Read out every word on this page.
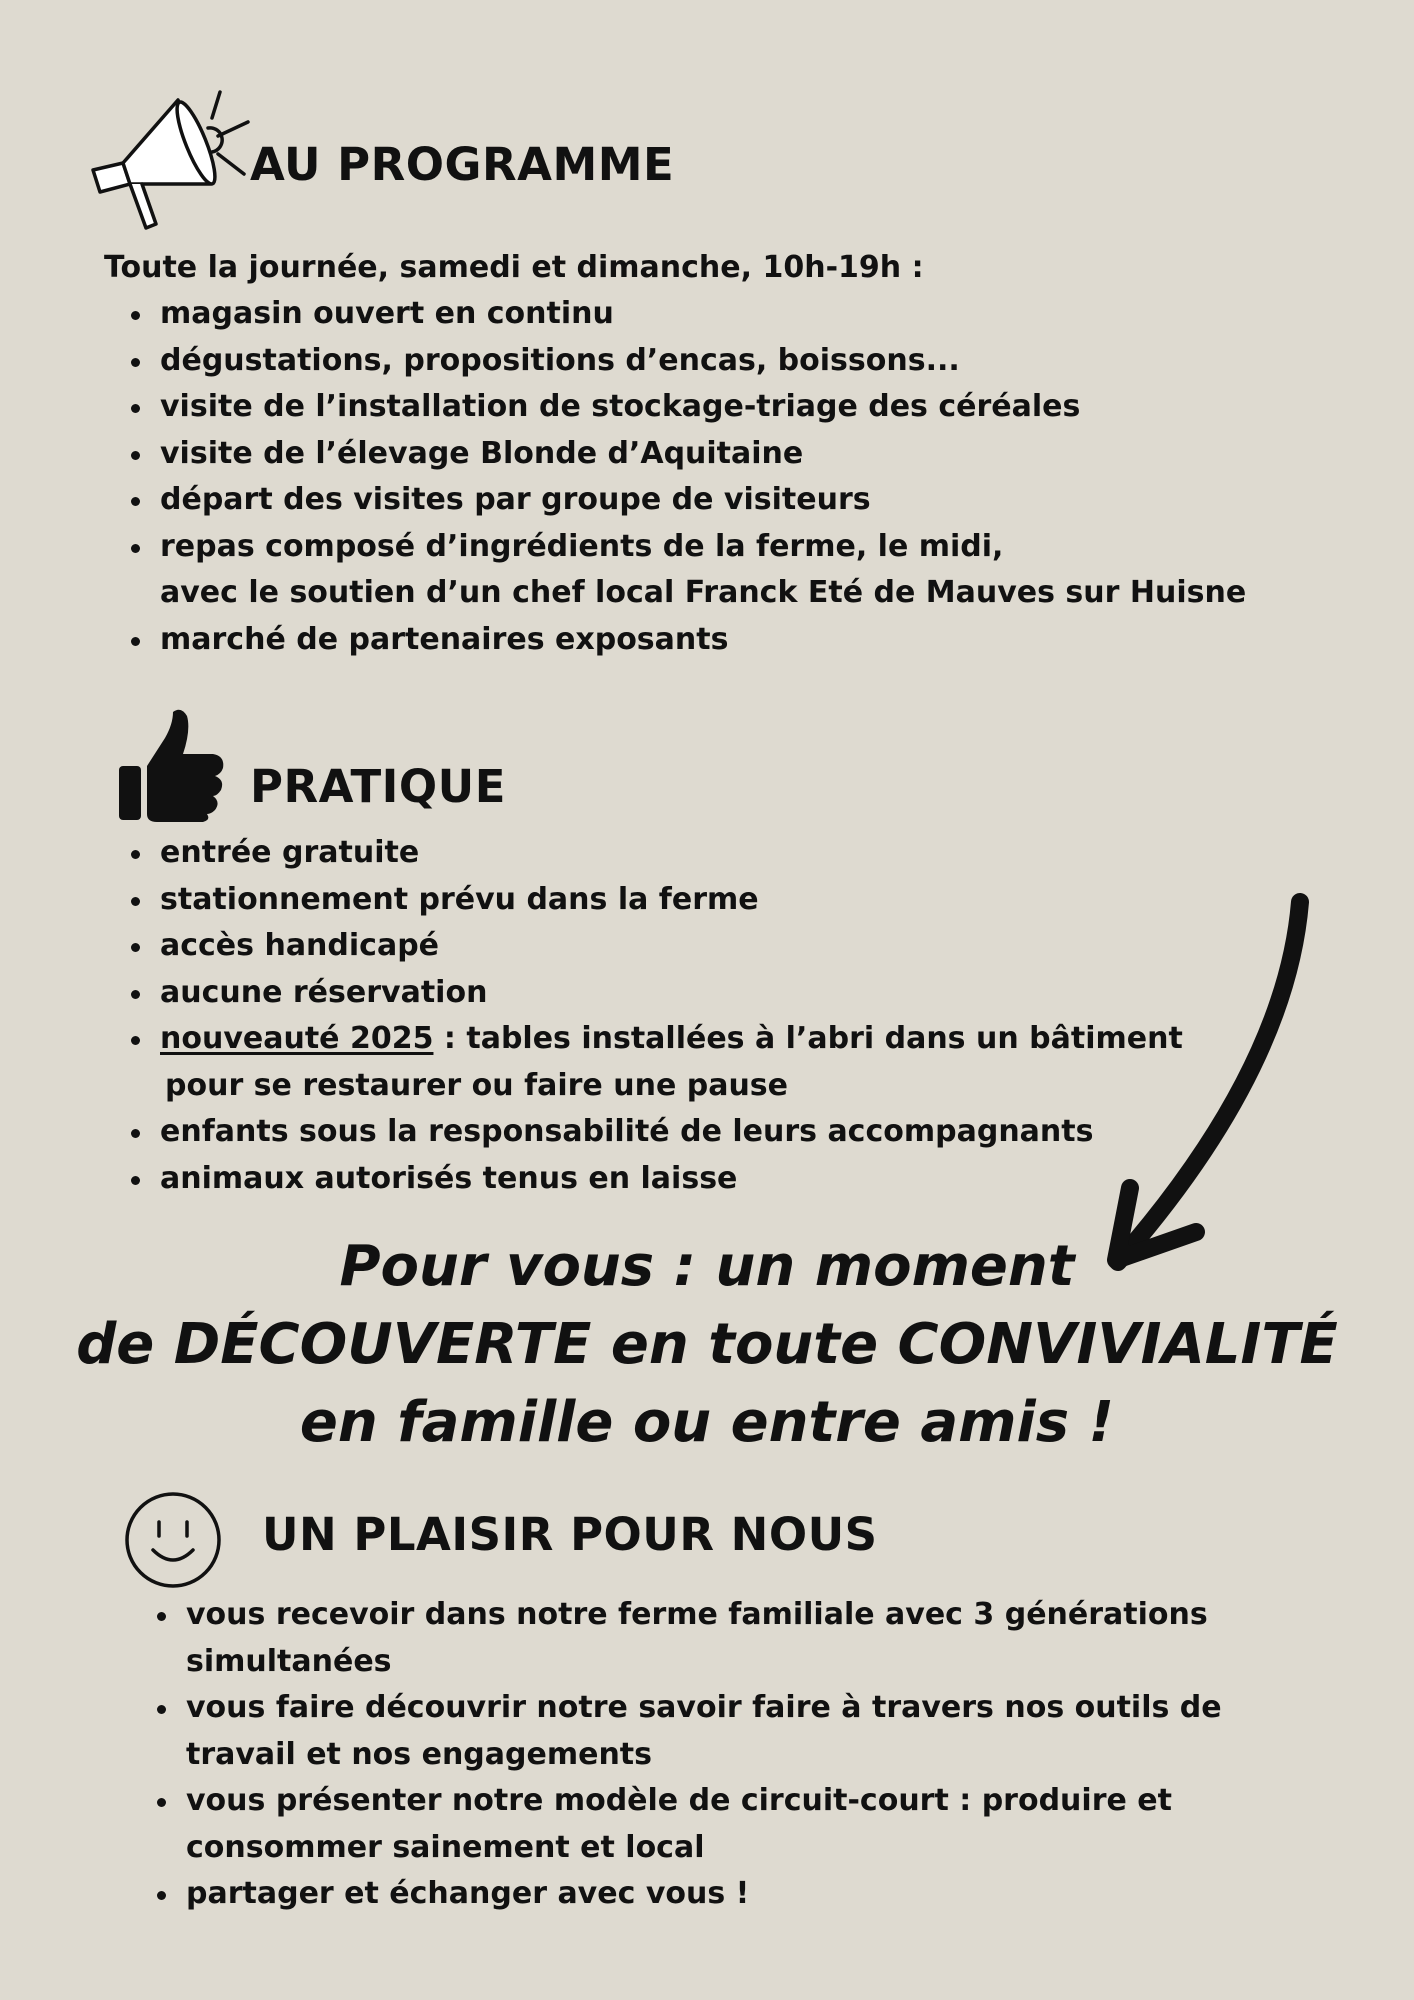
AU PROGRAMME
Toute la journée, samedi et dimanche, 10h-19h :
magasin ouvert en continu
dégustations, propositions d’encas, boissons...
visite de l’installation de stockage-triage des céréales
visite de l’élevage Blonde d’Aquitaine
départ des visites par groupe de visiteurs
repas composé d’ingrédients de la ferme, le midi,
avec le soutien d’un chef local Franck Eté de Mauves sur Huisne
marché de partenaires exposants
PRATIQUE
entrée gratuite
stationnement prévu dans la ferme
accès handicapé
aucune réservation
nouveauté 2025 : tables installées à l’abri dans un bâtiment
pour se restaurer ou faire une pause
enfants sous la responsabilité de leurs accompagnants
animaux autorisés tenus en laisse
Pour vous : un moment
de DÉCOUVERTE en toute CONVIVIALITÉ
en famille ou entre amis !
UN PLAISIR POUR NOUS
vous recevoir dans notre ferme familiale avec 3 générations
simultanées
vous faire découvrir notre savoir faire à travers nos outils de
travail et nos engagements
vous présenter notre modèle de circuit-court : produire et
consommer sainement et local
partager et échanger avec vous !
